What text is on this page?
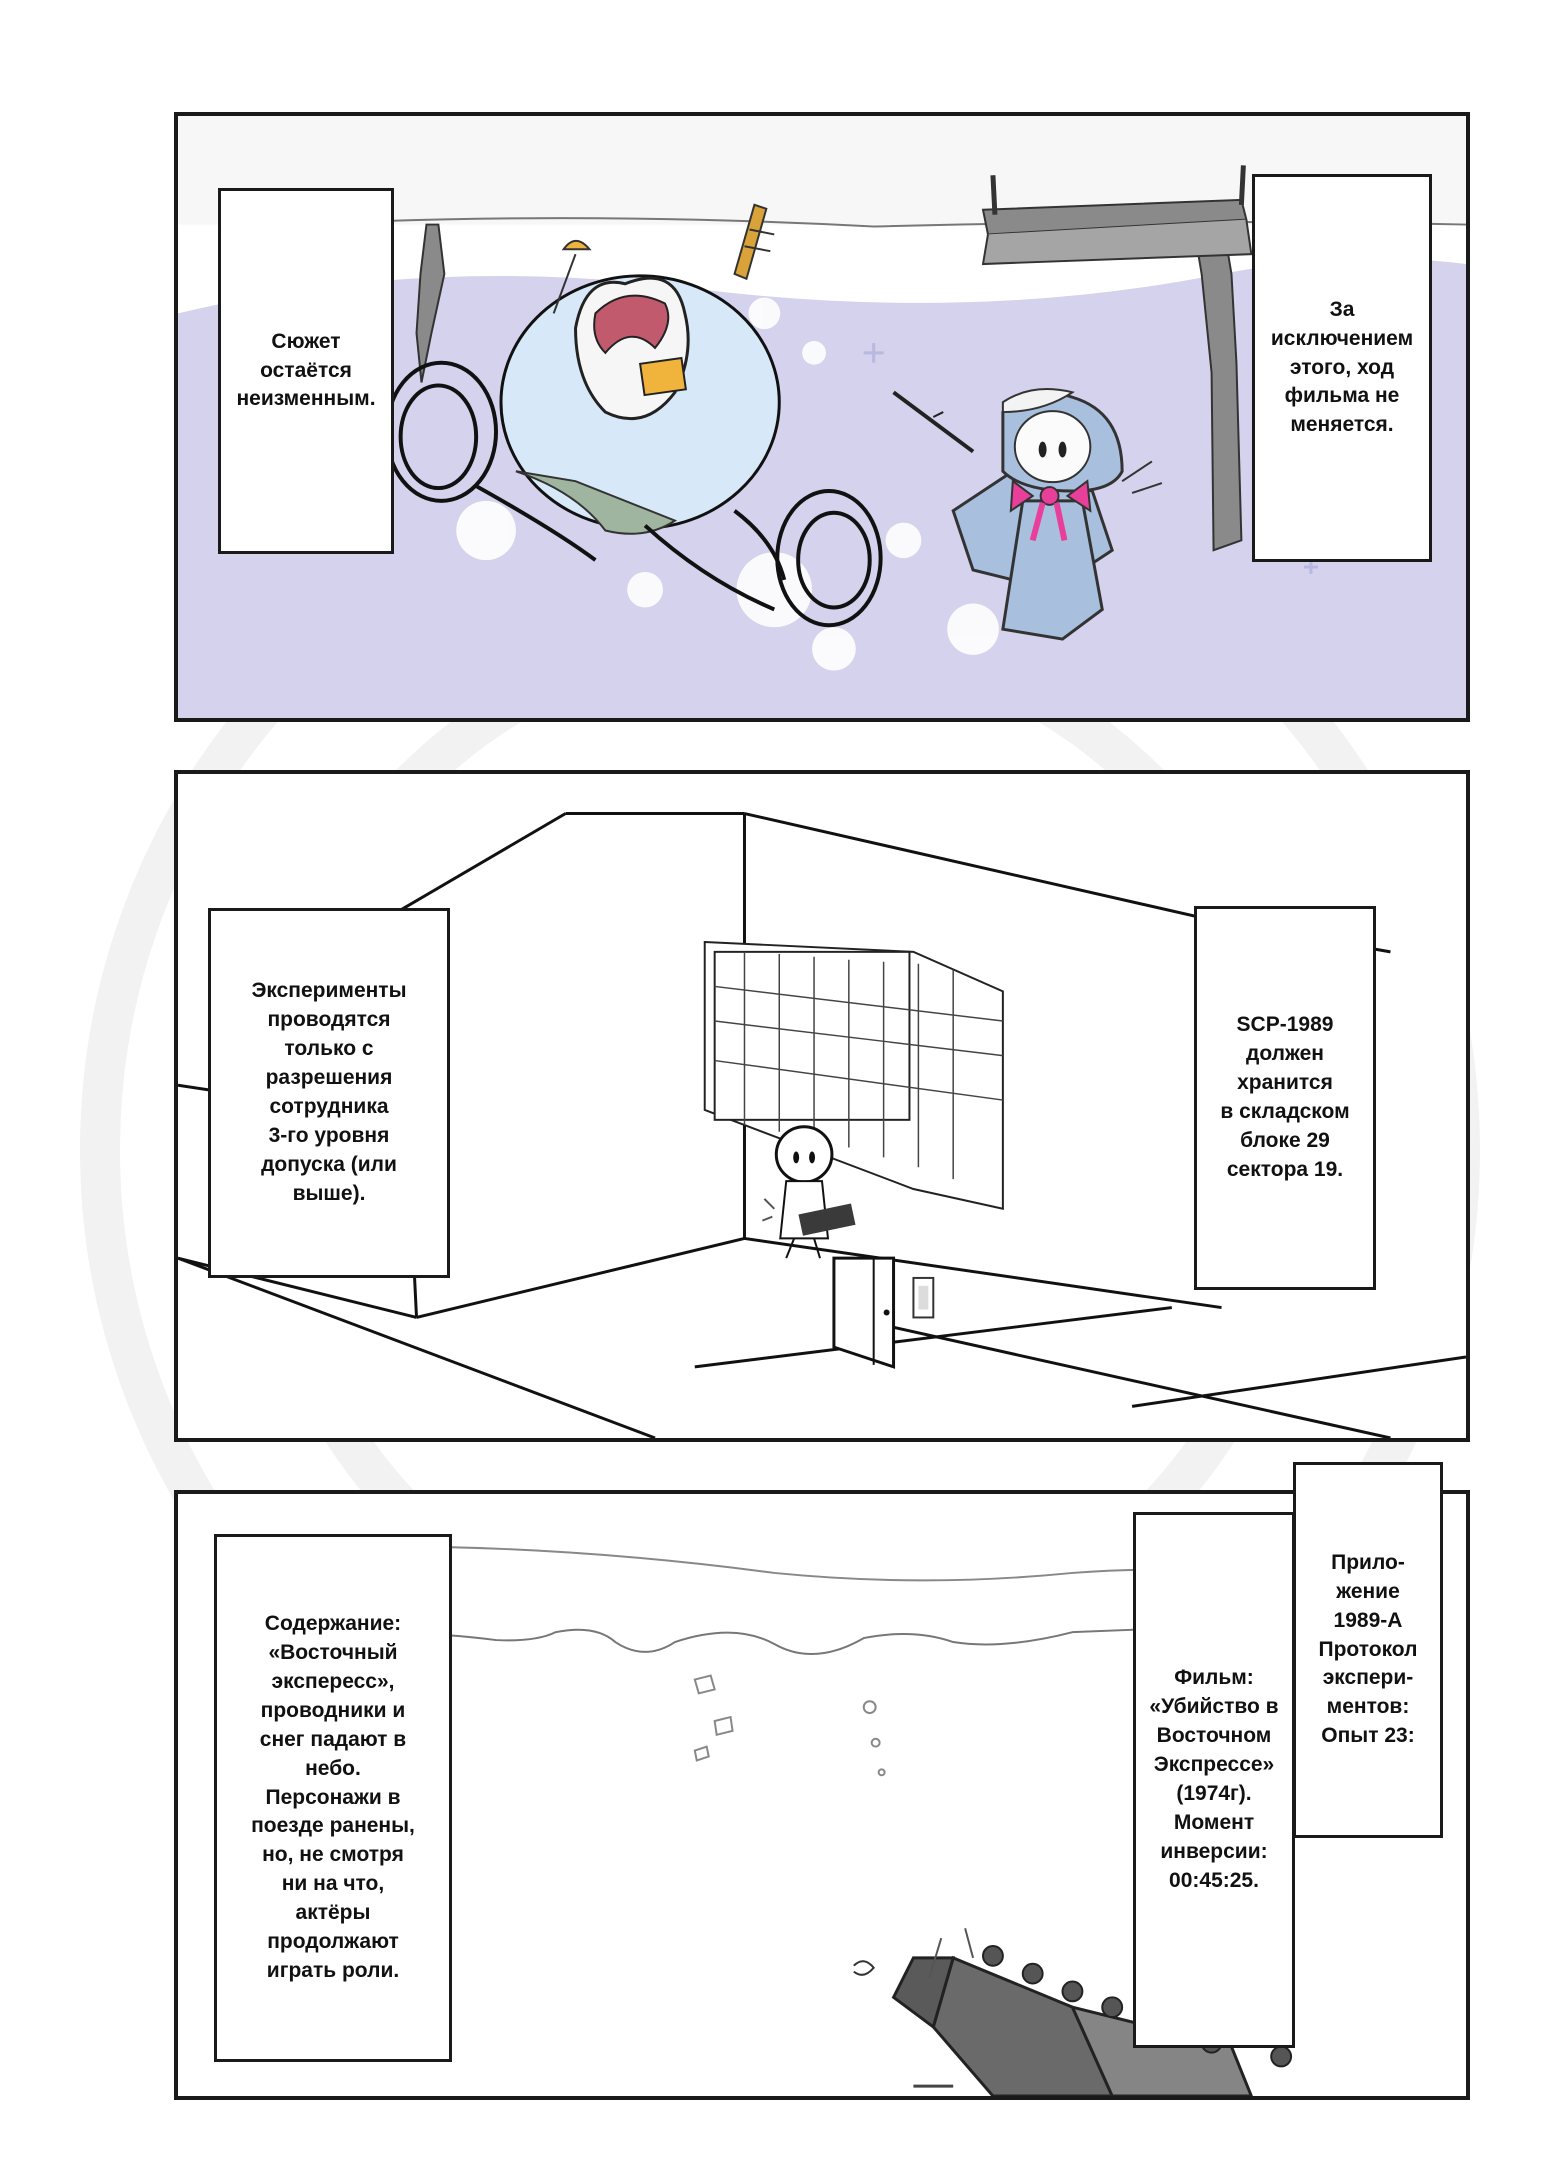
Сюжет
остаётся
неизменным.
За
исключением
этого, ход
фильма не
меняется.
Эксперименты
проводятся
только с
разрешения
сотрудника
3-го уровня
допуска (или
выше).
SCP-1989
должен
хранится
в складском
блоке 29
сектора 19.
Содержание:
«Восточный
экспересс»,
проводники и
снег падают в
небо.
Персонажи в
поезде ранены,
но, не смотря
ни на что,
актёры
продолжают
играть роли.
Фильм:
«Убийство в
Восточном
Экспрессе»
(1974г).
Момент
инверсии:
00:45:25.
Прило-
жение
1989-А
Протокол
экспери-
ментов:
Опыт 23:
